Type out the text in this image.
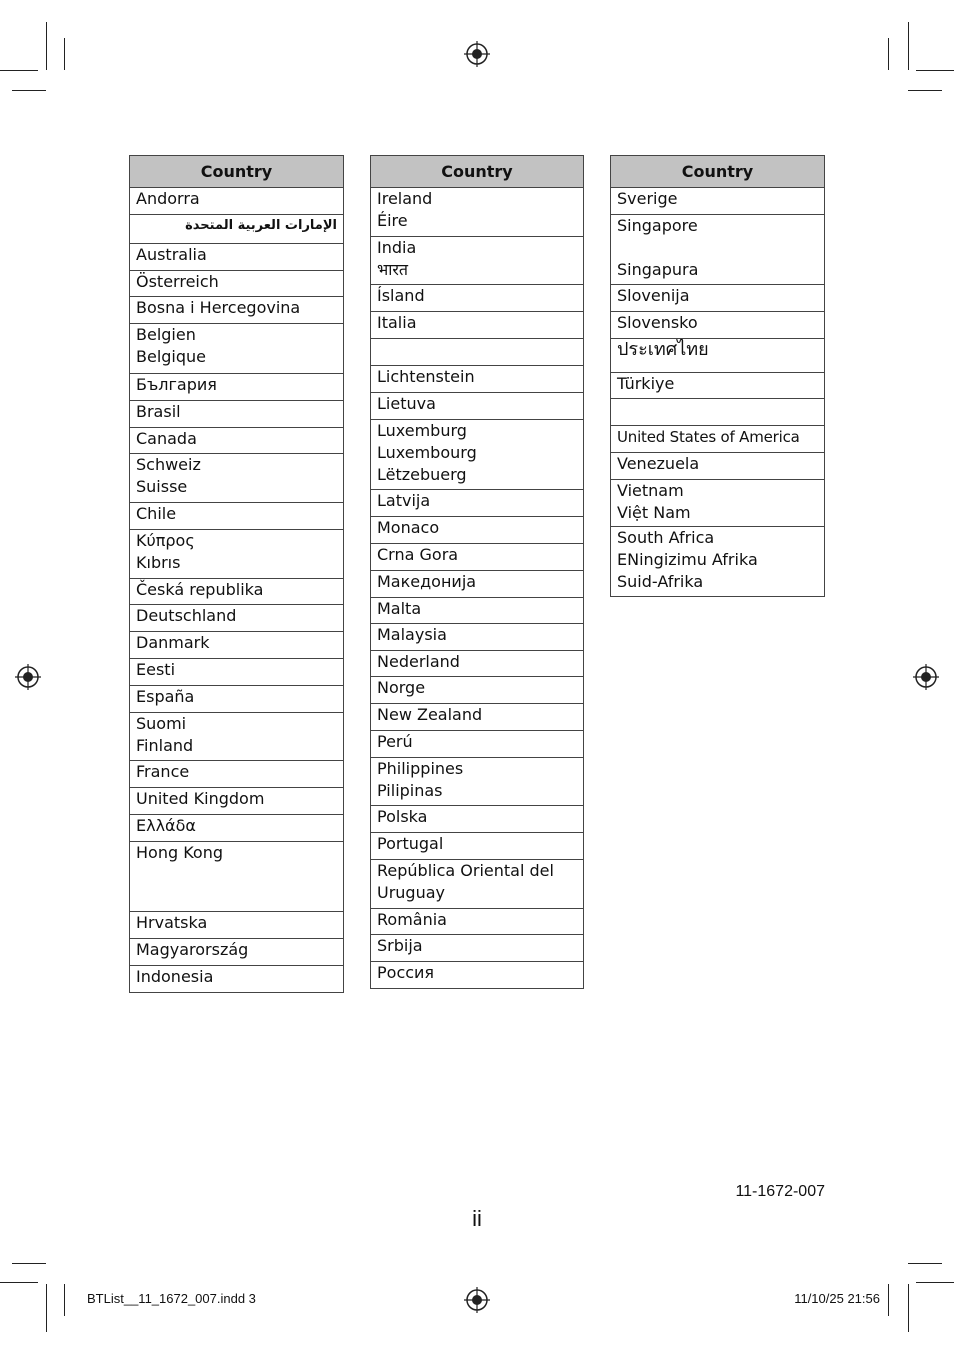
Country
Andorra
الإمارات العربية المتحدة
Australia
Österreich
Bosna i Hercegovina
Belgien
Belgique
България
Brasil
Canada
Schweiz
Suisse
Chile
Κύπρος
Kıbrıs
Česká republika
Deutschland
Danmark
Eesti
España
Suomi
Finland
France
United Kingdom
Ελλάδα
Hong Kong
Hrvatska
Magyarország
Indonesia
Country
Ireland
Éire
India
भारत
Ísland
Italia

Lichtenstein
Lietuva
Luxemburg
Luxembourg
Lëtzebuerg
Latvija
Monaco
Crna Gora
Македонија
Malta
Malaysia
Nederland
Norge
New Zealand
Perú
Philippines
Pilipinas
Polska
Portugal
República Oriental del
Uruguay
România
Srbija
Россия
Country
Sverige
Singapore

Singapura
Slovenija
Slovensko
ประเทศไทย
Türkiye

United States of America
Venezuela
Vietnam
Việt Nam
South Africa
ENingizimu Afrika
Suid-Afrika
11-1672-007
ii
BTList__11_1672_007.indd 3	11/10/25 21:56
